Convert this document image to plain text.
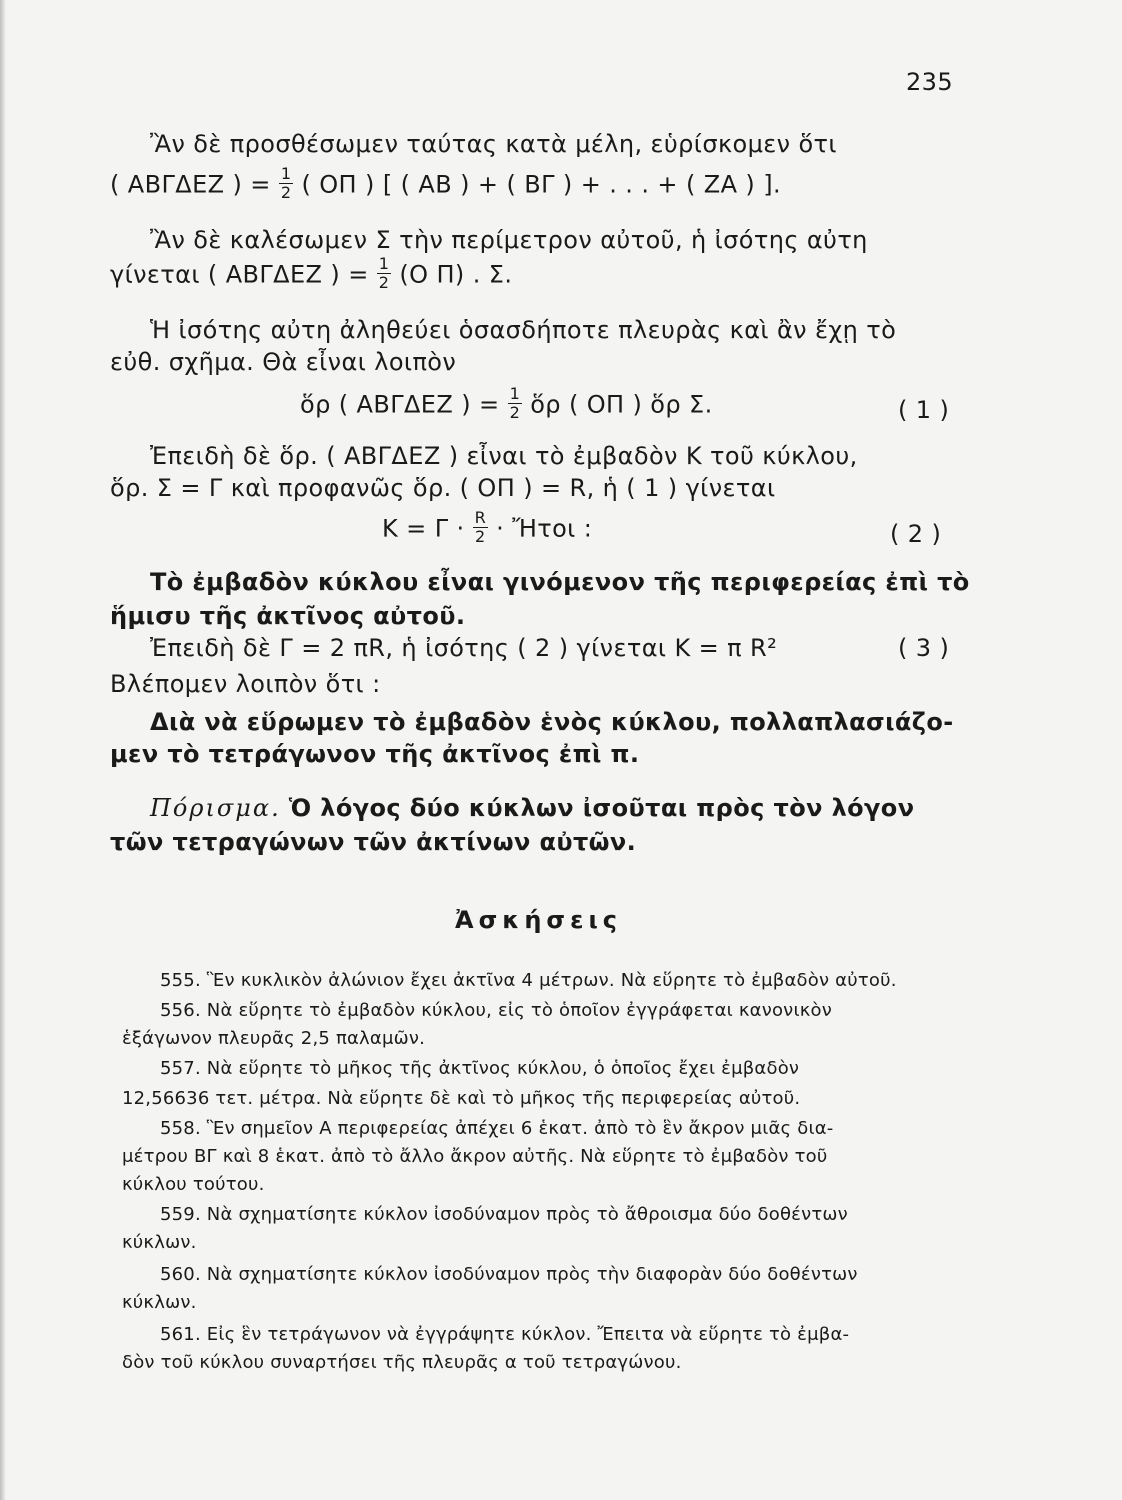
235
Ἂν δὲ προσθέσωμεν ταύτας κατὰ μέλη, εὑρίσκομεν ὅτι
( ΑΒΓΔΕΖ ) = $\frac{1}{2}$ ( ΟΠ ) [ ( ΑΒ ) + ( ΒΓ ) + . . . + ( ΖΑ ) ].
Ἂν δὲ καλέσωμεν Σ τὴν περίμετρον αὐτοῦ, ἡ ἰσότης αὐτη
γίνεται ( ΑΒΓΔΕΖ ) = $\frac{1}{2} (O$ Π) . Σ.
Ἡ ἰσότης αὐτη ἀληθεύει ὁσασδήποτε πλευρὰς καὶ ἂν ἔχῃ τὸ
εὐθ. σχῆμα. Θὰ εἶναι λοιπὸν
ὅρ ( ΑΒΓΔΕΖ ) = $\frac{1}{2}$ ὅρ ( ΟΠ ) ὅρ Σ.	( 1 )
Ἐπειδὴ δὲ ὅρ. ( ΑΒΓΔΕΖ ) εἶναι τὸ ἐμβαδὸν Κ τοῦ κύκλου,
ὅρ. Σ = Γ καὶ προφανῶς ὅρ. ( ΟΠ ) = R, ἡ ( 1 ) γίνεται
$K = \Gamma \cdot \frac{R}{2}$ · Ἤτοι :	( 2 )
Τὸ ἐμβαδὸν κύκλου εἶναι γινόμενον τῆς περιφερείας ἐπὶ τὸ
ἥμισυ τῆς ἀκτῖνος αὐτοῦ.
Ἐπειδὴ δὲ Γ = 2 πR, ἡ ἰσότης ( 2 ) γίνεται Κ = π R²	( 3 )
Βλέπομεν λοιπὸν ὅτι :
Διὰ νὰ εὕρωμεν τὸ ἐμβαδὸν ἑνὸς κύκλου, πολλαπλασιάζο-
μεν τὸ τετράγωνον τῆς ἀκτῖνος ἐπὶ π.
Πόρισμα. Ὁ λόγος δύο κύκλων ἰσοῦται πρὸς τὸν λόγον
τῶν τετραγώνων τῶν ἀκτίνων αὐτῶν.
Ἀσκήσεις
555. Ἓν κυκλικὸν ἀλώνιον ἔχει ἀκτῖνα 4 μέτρων. Νὰ εὕρητε τὸ ἐμβαδὸν αὐτοῦ.
556. Νὰ εὕρητε τὸ ἐμβαδὸν κύκλου, εἰς τὸ ὁποῖον ἐγγράφεται κανονικὸν
ἑξάγωνον πλευρᾶς 2,5 παλαμῶν.
557. Νὰ εὕρητε τὸ μῆκος τῆς ἀκτῖνος κύκλου, ὁ ὁποῖος ἔχει ἐμβαδὸν
12,56636 τετ. μέτρα. Νὰ εὕρητε δὲ καὶ τὸ μῆκος τῆς περιφερείας αὐτοῦ.
558. Ἓν σημεῖον Α περιφερείας ἀπέχει 6 ἑκατ. ἀπὸ τὸ ἓν ἄκρον μιᾶς δια-
μέτρου ΒΓ καὶ 8 ἑκατ. ἀπὸ τὸ ἄλλο ἄκρον αὐτῆς. Νὰ εὕρητε τὸ ἐμβαδὸν τοῦ
κύκλου τούτου.
559. Νὰ σχηματίσητε κύκλον ἰσοδύναμον πρὸς τὸ ἄθροισμα δύο δοθέντων
κύκλων.
560. Νὰ σχηματίσητε κύκλον ἰσοδύναμον πρὸς τὴν διαφορὰν δύο δοθέντων
κύκλων.
561. Εἰς ἓν τετράγωνον νὰ ἐγγράψητε κύκλον. Ἔπειτα νὰ εὕρητε τὸ ἐμβα-
δὸν τοῦ κύκλου συναρτήσει τῆς πλευρᾶς α τοῦ τετραγώνου.
